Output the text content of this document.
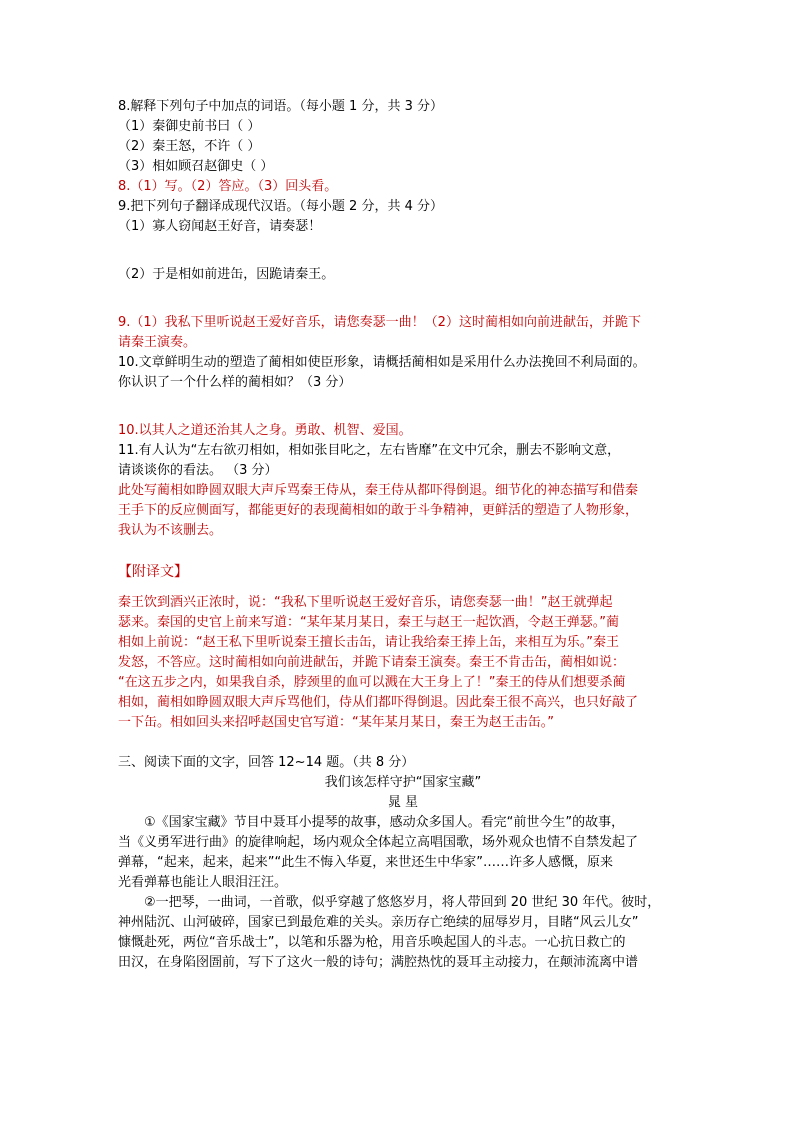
8.解释下列句子中加点的词语。（每小题 1 分，共 3 分）

（1）秦御史前书曰（ ）

（2）秦王怒，不许（ ）

（3）相如顾召赵御史（ ）

8.（1）写。（2）答应。（3）回头看。

9.把下列句子翻译成现代汉语。（每小题 2 分，共 4 分）

（1）寡人窃闻赵王好音，请奏瑟！

（2）于是相如前进缶，因跪请秦王。

9.（1）我私下里听说赵王爱好音乐，请您奏瑟一曲！（2）这时蔺相如向前进献缶，并跪下

请秦王演奏。

10.文章鲜明生动的塑造了蔺相如使臣形象，请概括蔺相如是采用什么办法挽回不利局面的。

你认识了一个什么样的蔺相如？（3 分）

10.以其人之道还治其人之身。勇敢、机智、爱国。

11.有人认为“左右欲刃相如，相如张目叱之，左右皆靡”在文中冗余，删去不影响文意，

请谈谈你的看法。 （3 分）

此处写蔺相如睁圆双眼大声斥骂秦王侍从，秦王侍从都吓得倒退。细节化的神态描写和借秦

王手下的反应侧面写，都能更好的表现蔺相如的敢于斗争精神，更鲜活的塑造了人物形象，

我认为不该删去。

【附译文】

秦王饮到酒兴正浓时，说：“我私下里听说赵王爱好音乐，请您奏瑟一曲！”赵王就弹起

瑟来。秦国的史官上前来写道：“某年某月某日，秦王与赵王一起饮酒，令赵王弹瑟。”蔺

相如上前说：“赵王私下里听说秦王擅长击缶，请让我给秦王捧上缶，来相互为乐。”秦王

发怒，不答应。这时蔺相如向前进献缶，并跪下请秦王演奏。秦王不肯击缶，蔺相如说：

“在这五步之内，如果我自杀，脖颈里的血可以溅在大王身上了！”秦王的侍从们想要杀蔺

相如，蔺相如睁圆双眼大声斥骂他们，侍从们都吓得倒退。因此秦王很不高兴，也只好敲了

一下缶。相如回头来招呼赵国史官写道：“某年某月某日，秦王为赵王击缶。”

三、阅读下面的文字，回答 12~14 题。（共 8 分）

我们该怎样守护“国家宝藏”

晁 星

①《国家宝藏》节目中聂耳小提琴的故事，感动众多国人。看完“前世今生”的故事，

当《义勇军进行曲》的旋律响起，场内观众全体起立高唱国歌，场外观众也情不自禁发起了

弹幕，“起来，起来，起来”“此生不悔入华夏，来世还生中华家”……许多人感慨，原来

光看弹幕也能让人眼泪汪汪。

②一把琴，一曲词，一首歌，似乎穿越了悠悠岁月，将人带回到 20 世纪 30 年代。彼时，

神州陆沉、山河破碎，国家已到最危难的关头。亲历存亡绝续的屈辱岁月，目睹“风云儿女”

慷慨赴死，两位“音乐战士”，以笔和乐器为枪，用音乐唤起国人的斗志。一心抗日救亡的

田汉，在身陷囹圄前，写下了这火一般的诗句；满腔热忱的聂耳主动接力，在颠沛流离中谱
